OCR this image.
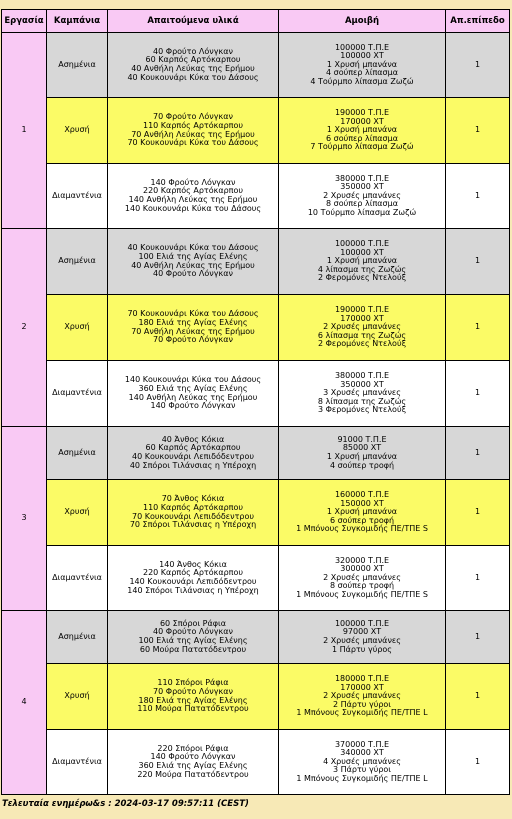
Εργασία	Καμπάνια	Απαιτούμενα υλικά	Αμοιβή	Απ.επίπεδο
1	Ασημένια	40 Φρούτο Λόνγκαν
60 Καρπός Αρτόκαρπου
40 Ανθήλη Λεύκας της Ερήμου
40 Κουκουνάρι Κύκα του Δάσους	100000 Τ.Π.Ε
100000 ΧΤ
1 Χρυσή μπανάνα
4 σούπερ λίπασμα
4 Τούρμπο λίπασμα Ζωζώ	1
	Χρυσή	70 Φρούτο Λόνγκαν
110 Καρπός Αρτόκαρπου
70 Ανθήλη Λεύκας της Ερήμου
70 Κουκουνάρι Κύκα του Δάσους	190000 Τ.Π.Ε
170000 ΧΤ
1 Χρυσή μπανάνα
6 σούπερ λίπασμα
7 Τούρμπο λίπασμα Ζωζώ	1
	Διαμαντένια	140 Φρούτο Λόνγκαν
220 Καρπός Αρτόκαρπου
140 Ανθήλη Λεύκας της Ερήμου
140 Κουκουνάρι Κύκα του Δάσους	380000 Τ.Π.Ε
350000 ΧΤ
2 Χρυσές μπανάνες
8 σούπερ λίπασμα
10 Τούρμπο λίπασμα Ζωζώ	1
2	Ασημένια	40 Κουκουνάρι Κύκα του Δάσους
100 Ελιά της Αγίας Ελένης
40 Ανθήλη Λεύκας της Ερήμου
40 Φρούτο Λόνγκαν	100000 Τ.Π.Ε
100000 ΧΤ
1 Χρυσή μπανάνα
4 λίπασμα της Ζωζώς
2 Φερομόνες Ντελούξ	1
	Χρυσή	70 Κουκουνάρι Κύκα του Δάσους
180 Ελιά της Αγίας Ελένης
70 Ανθήλη Λεύκας της Ερήμου
70 Φρούτο Λόνγκαν	190000 Τ.Π.Ε
170000 ΧΤ
2 Χρυσές μπανάνες
6 λίπασμα της Ζωζώς
2 Φερομόνες Ντελούξ	1
	Διαμαντένια	140 Κουκουνάρι Κύκα του Δάσους
360 Ελιά της Αγίας Ελένης
140 Ανθήλη Λεύκας της Ερήμου
140 Φρούτο Λόνγκαν	380000 Τ.Π.Ε
350000 ΧΤ
3 Χρυσές μπανάνες
8 λίπασμα της Ζωζώς
3 Φερομόνες Ντελούξ	1
3	Ασημένια	40 Άνθος Κόκια
60 Καρπός Αρτόκαρπου
40 Κουκουνάρι Λεπιδόδεντρου
40 Σπόροι Τιλάνσιας η Υπέροχη	91000 Τ.Π.Ε
85000 ΧΤ
1 Χρυσή μπανάνα
4 σούπερ τροφή	1
	Χρυσή	70 Άνθος Κόκια
110 Καρπός Αρτόκαρπου
70 Κουκουνάρι Λεπιδόδεντρου
70 Σπόροι Τιλάνσιας η Υπέροχη	160000 Τ.Π.Ε
150000 ΧΤ
1 Χρυσή μπανάνα
6 σούπερ τροφή
1 Μπόνους Συγκομιδής ΠΕ/ΤΠΕ S	1
	Διαμαντένια	140 Άνθος Κόκια
220 Καρπός Αρτόκαρπου
140 Κουκουνάρι Λεπιδόδεντρου
140 Σπόροι Τιλάνσιας η Υπέροχη	320000 Τ.Π.Ε
300000 ΧΤ
2 Χρυσές μπανάνες
8 σούπερ τροφή
1 Μπόνους Συγκομιδής ΠΕ/ΤΠΕ S	1
4	Ασημένια	60 Σπόροι Ράφια
40 Φρούτο Λόνγκαν
100 Ελιά της Αγίας Ελένης
60 Μούρα Πατατόδεντρου	100000 Τ.Π.Ε
97000 ΧΤ
2 Χρυσές μπανάνες
1 Πάρτυ γύρος	1
	Χρυσή	110 Σπόροι Ράφια
70 Φρούτο Λόνγκαν
180 Ελιά της Αγίας Ελένης
110 Μούρα Πατατόδεντρου	180000 Τ.Π.Ε
170000 ΧΤ
2 Χρυσές μπανάνες
2 Πάρτυ γύροι
1 Μπόνους Συγκομιδής ΠΕ/ΤΠΕ L	1
	Διαμαντένια	220 Σπόροι Ράφια
140 Φρούτο Λόνγκαν
360 Ελιά της Αγίας Ελένης
220 Μούρα Πατατόδεντρου	370000 Τ.Π.Ε
340000 ΧΤ
4 Χρυσές μπανάνες
3 Πάρτυ γύροι
1 Μπόνους Συγκομιδής ΠΕ/ΤΠΕ L	1
Τελευταία ενημέρω&s : 2024-03-17 09:57:11 (CEST)
